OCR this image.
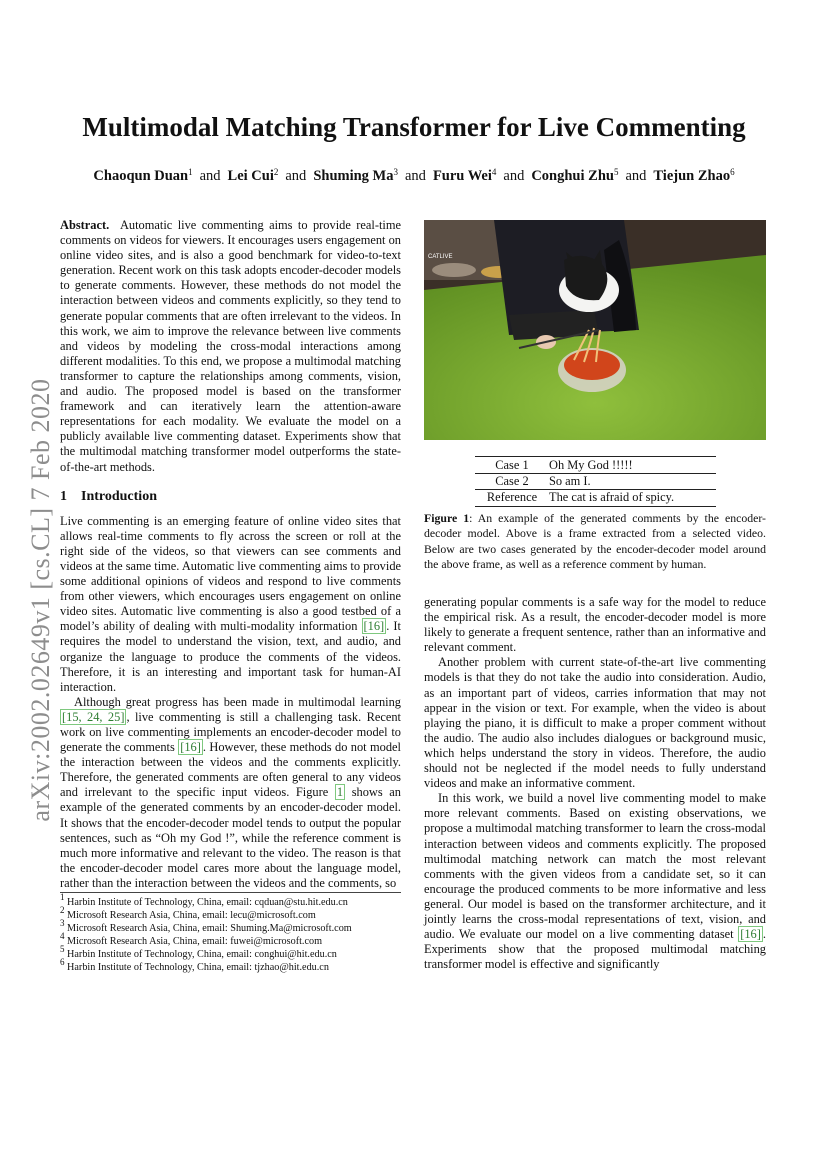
arXiv:2002.02649v1 [cs.CL] 7 Feb 2020
Multimodal Matching Transformer for Live Commenting
Chaoqun Duan$^1$ and Lei Cui$^2$ and Shuming Ma$^3$ and Furu Wei$^4$ and Conghui Zhu$^5$ and Tiejun Zhao$^6$

Abstract. Automatic live commenting aims to provide real-time comments on videos for viewers. It encourages users engagement on online video sites, and is also a good benchmark for video-to-text generation. Recent work on this task adopts encoder-decoder models to generate comments. However, these methods do not model the interaction between videos and comments explicitly, so they tend to generate popular comments that are often irrelevant to the videos. In this work, we aim to improve the relevance between live comments and videos by modeling the cross-modal interactions among different modalities. To this end, we propose a multimodal matching transformer to capture the relationships among comments, vision, and audio. The proposed model is based on the transformer framework and can iteratively learn the attention-aware representations for each modality. We evaluate the model on a publicly available live commenting dataset. Experiments show that the multimodal matching transformer model outperforms the state-of-the-art methods.

1 Introduction

Live commenting is an emerging feature of online video sites that allows real-time comments to fly across the screen or roll at the right side of the videos, so that viewers can see comments and videos at the same time. Automatic live commenting aims to provide some additional opinions of videos and respond to live comments from other viewers, which encourages users engagement on online video sites. Automatic live commenting is also a good testbed of a model’s ability of dealing with multi-modality information [16] . It requires the model to understand the vision, text, and audio, and organize the language to produce the comments of the videos. Therefore, it is an interesting and important task for human-AI interaction.

Although great progress has been made in multimodal learning [15, 24, 25] , live commenting is still a challenging task. Recent work on live commenting implements an encoder-decoder model to generate the comments [16] . However, these methods do not model the interaction between the videos and the comments explicitly. Therefore, the generated comments are often general to any videos and irrelevant to the specific input videos. Figure 1 shows an example of the generated comments by an encoder-decoder model. It shows that the encoder-decoder model tends to output the popular sentences, such as “Oh my God !”, while the reference comment is much more informative and relevant to the video. The reason is that the encoder-decoder model cares more about the language model, rather than the interaction between the videos and the comments, so

$^1$ Harbin Institute of Technology, China, email: cqduan@stu.hit.edu.cn
$^2$ Microsoft Research Asia, China, email: lecu@microsoft.com
$^3$ Microsoft Research Asia, China, email: Shuming.Ma@microsoft.com
$^4$ Microsoft Research Asia, China, email: fuwei@microsoft.com
$^5$ Harbin Institute of Technology, China, email: conghui@hit.edu.cn
$^6$ Harbin Institute of Technology, China, email: tjzhao@hit.edu.cn
CATLIVE
Case 1	Oh My God !!!!!
Case 2	So am I.
Reference	The cat is afraid of spicy.
Figure 1: An example of the generated comments by the encoder-decoder model. Above is a frame extracted from a selected video. Below are two cases generated by the encoder-decoder model around the above frame, as well as a reference comment by human.

generating popular comments is a safe way for the model to reduce the empirical risk. As a result, the encoder-decoder model is more likely to generate a frequent sentence, rather than an informative and relevant comment.

Another problem with current state-of-the-art live commenting models is that they do not take the audio into consideration. Audio, as an important part of videos, carries information that may not appear in the vision or text. For example, when the video is about playing the piano, it is difficult to make a proper comment without the audio. The audio also includes dialogues or background music, which helps understand the story in videos. Therefore, the audio should not be neglected if the model needs to fully understand videos and make an informative comment.

In this work, we build a novel live commenting model to make more relevant comments. Based on existing observations, we propose a multimodal matching transformer to learn the cross-modal interaction between videos and comments explicitly. The proposed multimodal matching network can match the most relevant comments with the given videos from a candidate set, so it can encourage the produced comments to be more informative and less general. Our model is based on the transformer architecture, and it jointly learns the cross-modal representations of text, vision, and audio. We evaluate our model on a live commenting dataset [16] . Experiments show that the proposed multimodal matching transformer model is effective and significantly
